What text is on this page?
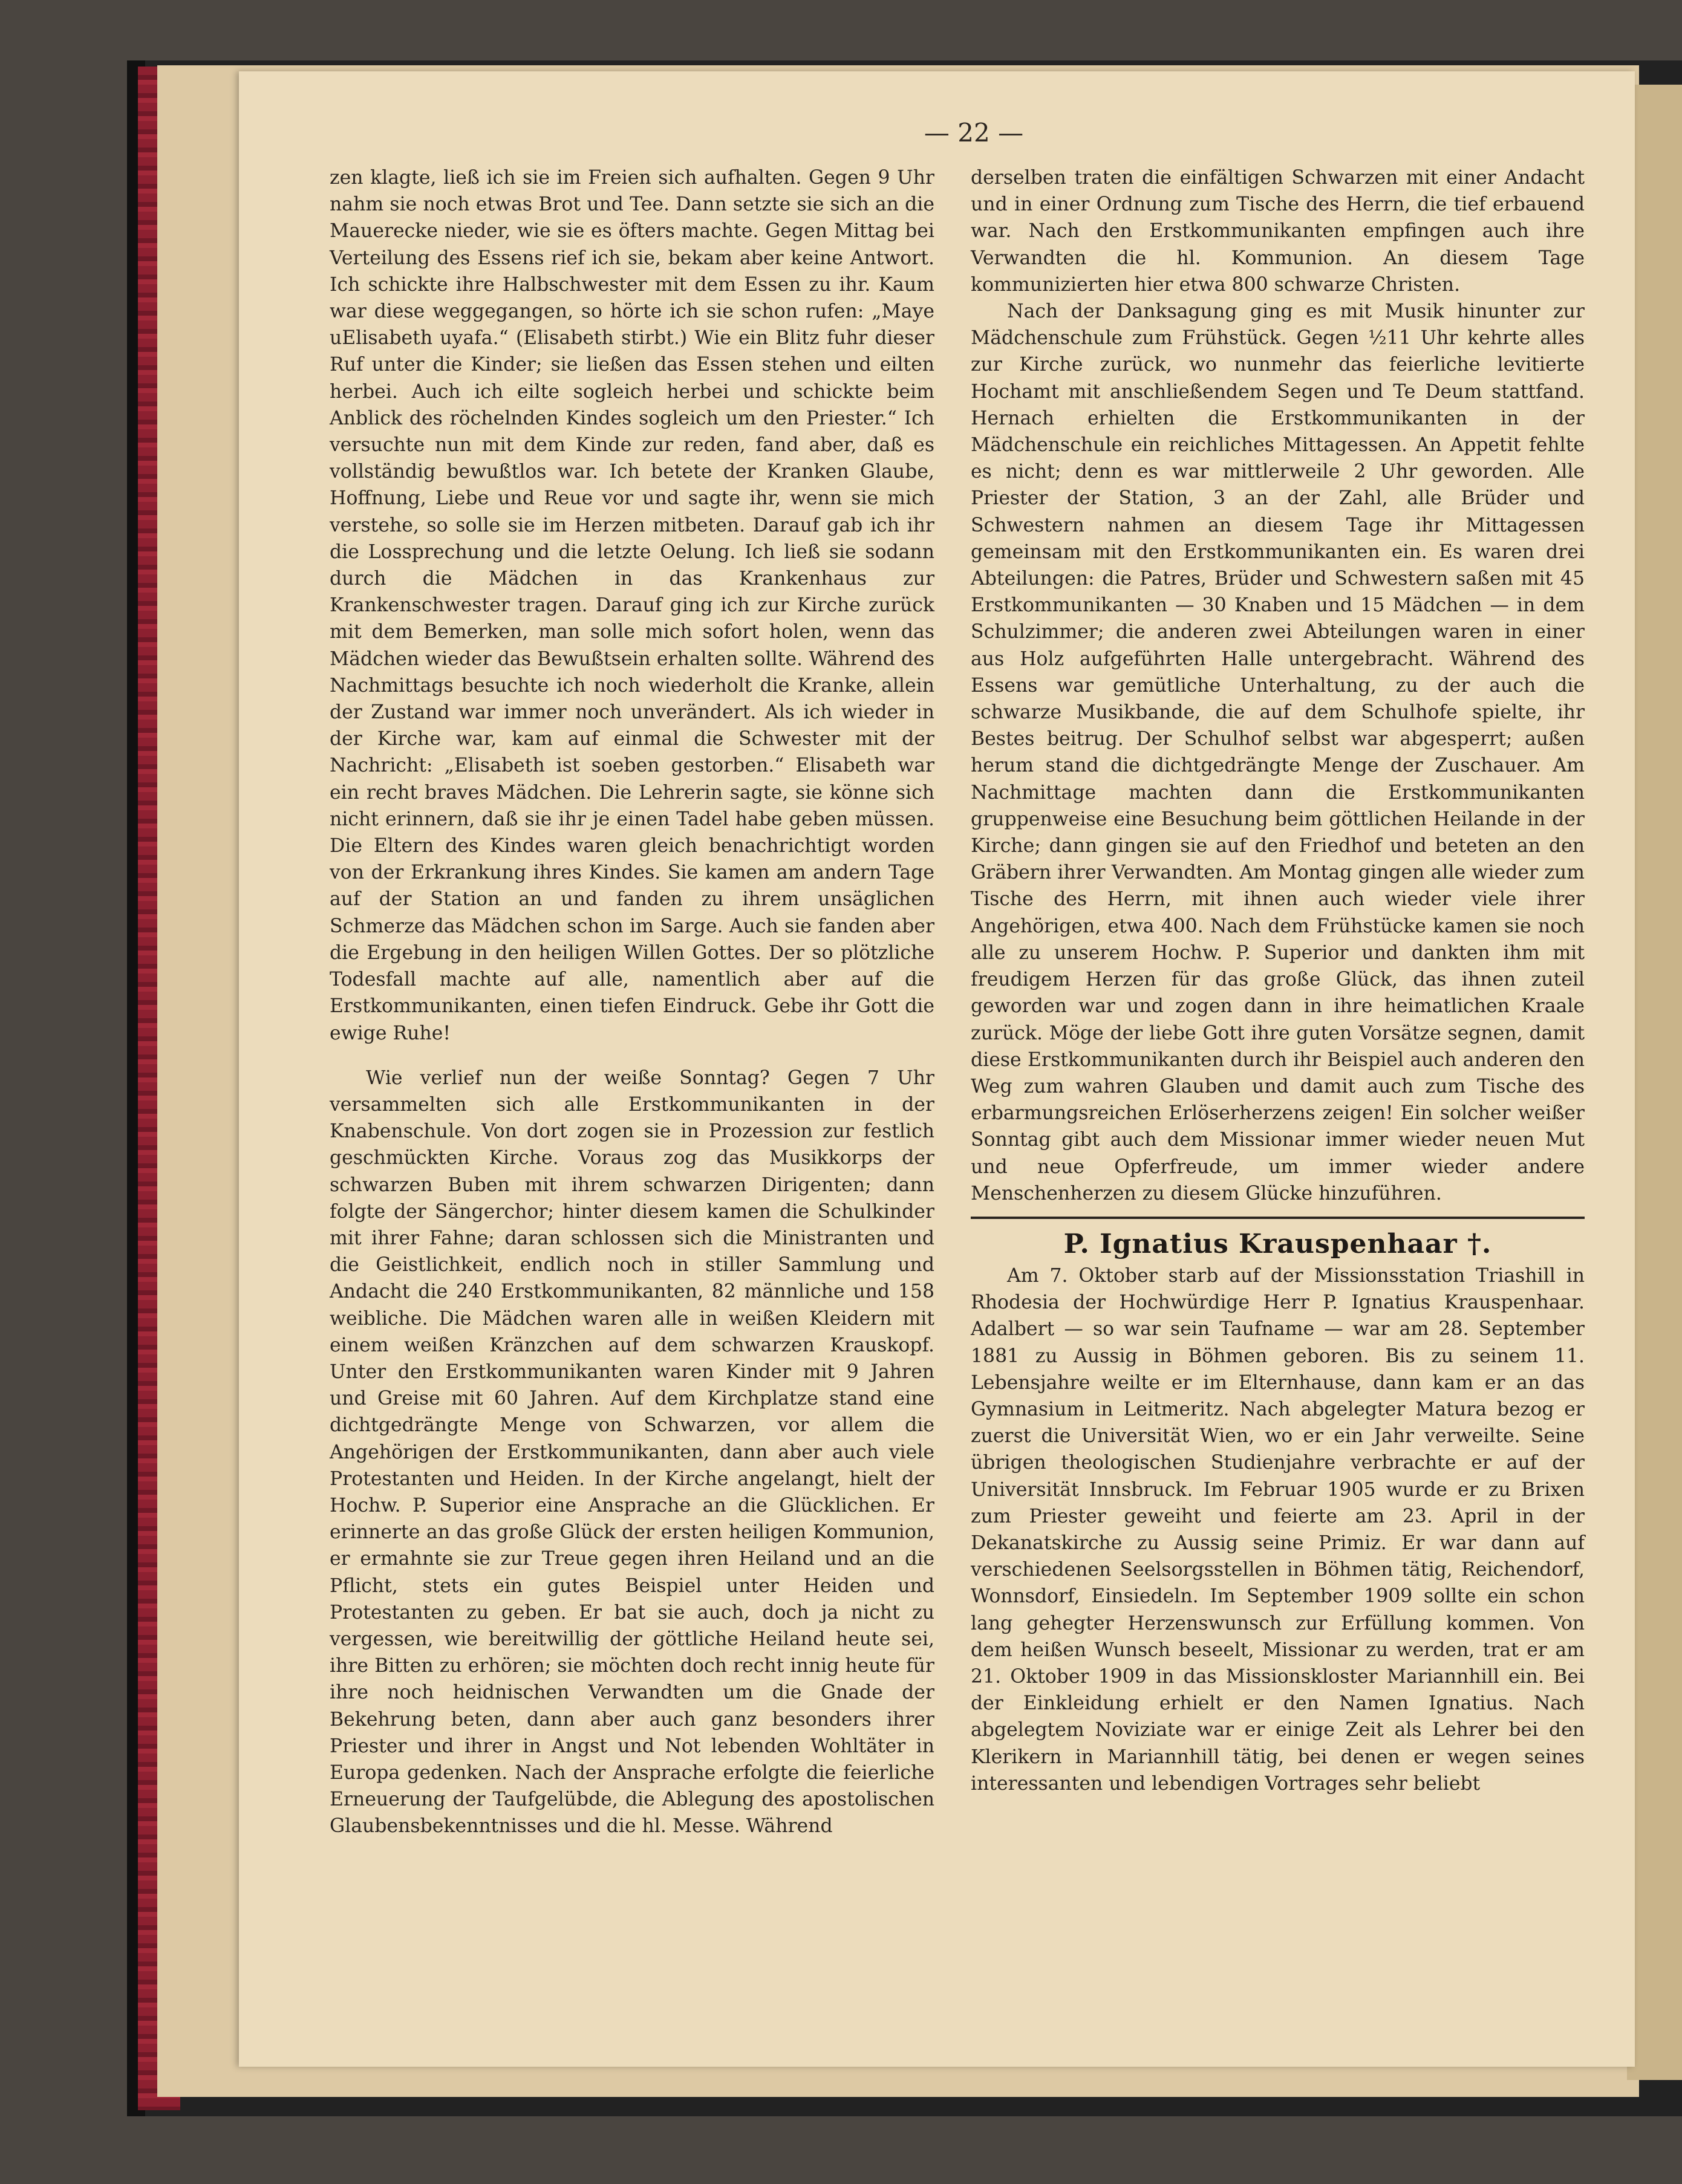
— 22 —

zen klagte, ließ ich sie im Freien sich aufhalten. Gegen 9 Uhr nahm sie noch etwas Brot und Tee. Dann setzte sie sich an die Mauerecke nieder, wie sie es öfters machte. Gegen Mittag bei Verteilung des Essens rief ich sie, bekam aber keine Antwort. Ich schickte ihre Halbschwester mit dem Essen zu ihr. Kaum war diese weggegangen, so hörte ich sie schon rufen: „Maye uElisabeth uyafa.“ (Elisabeth stirbt.) Wie ein Blitz fuhr dieser Ruf unter die Kinder; sie ließen das Essen stehen und eilten herbei. Auch ich eilte sogleich herbei und schickte beim Anblick des röchelnden Kindes sogleich um den Priester.“ Ich versuchte nun mit dem Kinde zur reden, fand aber, daß es vollständig bewußtlos war. Ich betete der Kranken Glaube, Hoffnung, Liebe und Reue vor und sagte ihr, wenn sie mich verstehe, so solle sie im Herzen mitbeten. Darauf gab ich ihr die Lossprechung und die letzte Oelung. Ich ließ sie sodann durch die Mädchen in das Krankenhaus zur Krankenschwester tragen. Darauf ging ich zur Kirche zurück mit dem Bemerken, man solle mich sofort holen, wenn das Mädchen wieder das Bewußtsein erhalten sollte. Während des Nachmittags besuchte ich noch wiederholt die Kranke, allein der Zustand war immer noch unverändert. Als ich wieder in der Kirche war, kam auf einmal die Schwester mit der Nachricht: „Elisabeth ist soeben gestorben.“ Elisabeth war ein recht braves Mädchen. Die Lehrerin sagte, sie könne sich nicht erinnern, daß sie ihr je einen Tadel habe geben müssen. Die Eltern des Kindes waren gleich benachrichtigt worden von der Erkrankung ihres Kindes. Sie kamen am andern Tage auf der Station an und fanden zu ihrem unsäglichen Schmerze das Mädchen schon im Sarge. Auch sie fanden aber die Ergebung in den heiligen Willen Gottes. Der so plötzliche Todesfall machte auf alle, namentlich aber auf die Erstkommunikanten, einen tiefen Eindruck. Gebe ihr Gott die ewige Ruhe!

Wie verlief nun der weiße Sonntag? Gegen 7 Uhr versammelten sich alle Erstkommunikanten in der Knabenschule. Von dort zogen sie in Prozession zur festlich geschmückten Kirche. Voraus zog das Musikkorps der schwarzen Buben mit ihrem schwarzen Dirigenten; dann folgte der Sängerchor; hinter diesem kamen die Schulkinder mit ihrer Fahne; daran schlossen sich die Ministranten und die Geistlichkeit, endlich noch in stiller Sammlung und Andacht die 240 Erstkommunikanten, 82 männliche und 158 weibliche. Die Mädchen waren alle in weißen Kleidern mit einem weißen Kränzchen auf dem schwarzen Krauskopf. Unter den Erstkommunikanten waren Kinder mit 9 Jahren und Greise mit 60 Jahren. Auf dem Kirchplatze stand eine dichtgedrängte Menge von Schwarzen, vor allem die Angehörigen der Erstkommunikanten, dann aber auch viele Protestanten und Heiden. In der Kirche angelangt, hielt der Hochw. P. Superior eine Ansprache an die Glücklichen. Er erinnerte an das große Glück der ersten heiligen Kommunion, er ermahnte sie zur Treue gegen ihren Heiland und an die Pflicht, stets ein gutes Beispiel unter Heiden und Protestanten zu geben. Er bat sie auch, doch ja nicht zu vergessen, wie bereitwillig der göttliche Heiland heute sei, ihre Bitten zu erhören; sie möchten doch recht innig heute für ihre noch heidnischen Verwandten um die Gnade der Bekehrung beten, dann aber auch ganz besonders ihrer Priester und ihrer in Angst und Not lebenden Wohltäter in Europa gedenken. Nach der Ansprache erfolgte die feierliche Erneuerung der Taufgelübde, die Ablegung des apostolischen Glaubensbekenntnisses und die hl. Messe. Während

derselben traten die einfältigen Schwarzen mit einer Andacht und in einer Ordnung zum Tische des Herrn, die tief erbauend war. Nach den Erstkommunikanten empfingen auch ihre Verwandten die hl. Kommunion. An diesem Tage kommunizierten hier etwa 800 schwarze Christen.

Nach der Danksagung ging es mit Musik hinunter zur Mädchenschule zum Frühstück. Gegen ½11 Uhr kehrte alles zur Kirche zurück, wo nunmehr das feierliche levitierte Hochamt mit anschließendem Segen und Te Deum stattfand. Hernach erhielten die Erstkommunikanten in der Mädchenschule ein reichliches Mittagessen. An Appetit fehlte es nicht; denn es war mittlerweile 2 Uhr geworden. Alle Priester der Station, 3 an der Zahl, alle Brüder und Schwestern nahmen an diesem Tage ihr Mittagessen gemeinsam mit den Erstkommunikanten ein. Es waren drei Abteilungen: die Patres, Brüder und Schwestern saßen mit 45 Erstkommunikanten — 30 Knaben und 15 Mädchen — in dem Schulzimmer; die anderen zwei Abteilungen waren in einer aus Holz aufgeführten Halle untergebracht. Während des Essens war gemütliche Unterhaltung, zu der auch die schwarze Musikbande, die auf dem Schulhofe spielte, ihr Bestes beitrug. Der Schulhof selbst war abgesperrt; außen herum stand die dichtgedrängte Menge der Zuschauer. Am Nachmittage machten dann die Erstkommunikanten gruppenweise eine Besuchung beim göttlichen Heilande in der Kirche; dann gingen sie auf den Friedhof und beteten an den Gräbern ihrer Verwandten. Am Montag gingen alle wieder zum Tische des Herrn, mit ihnen auch wieder viele ihrer Angehörigen, etwa 400. Nach dem Frühstücke kamen sie noch alle zu unserem Hochw. P. Superior und dankten ihm mit freudigem Herzen für das große Glück, das ihnen zuteil geworden war und zogen dann in ihre heimatlichen Kraale zurück. Möge der liebe Gott ihre guten Vorsätze segnen, damit diese Erstkommunikanten durch ihr Beispiel auch anderen den Weg zum wahren Glauben und damit auch zum Tische des erbarmungsreichen Erlöserherzens zeigen! Ein solcher weißer Sonntag gibt auch dem Missionar immer wieder neuen Mut und neue Opferfreude, um immer wieder andere Menschenherzen zu diesem Glücke hinzuführen.

P. Ignatius Krauspenhaar †.

Am 7. Oktober starb auf der Missionsstation Triashill in Rhodesia der Hochwürdige Herr P. Ignatius Krauspenhaar. Adalbert — so war sein Taufname — war am 28. September 1881 zu Aussig in Böhmen geboren. Bis zu seinem 11. Lebensjahre weilte er im Elternhause, dann kam er an das Gymnasium in Leitmeritz. Nach abgelegter Matura bezog er zuerst die Universität Wien, wo er ein Jahr verweilte. Seine übrigen theologischen Studienjahre verbrachte er auf der Universität Innsbruck. Im Februar 1905 wurde er zu Brixen zum Priester geweiht und feierte am 23. April in der Dekanatskirche zu Aussig seine Primiz. Er war dann auf verschiedenen Seelsorgsstellen in Böhmen tätig, Reichendorf, Wonnsdorf, Einsiedeln. Im September 1909 sollte ein schon lang gehegter Herzenswunsch zur Erfüllung kommen. Von dem heißen Wunsch beseelt, Missionar zu werden, trat er am 21. Oktober 1909 in das Missionskloster Mariannhill ein. Bei der Einkleidung erhielt er den Namen Ignatius. Nach abgelegtem Noviziate war er einige Zeit als Lehrer bei den Klerikern in Mariannhill tätig, bei denen er wegen seines interessanten und lebendigen Vortrages sehr beliebt
